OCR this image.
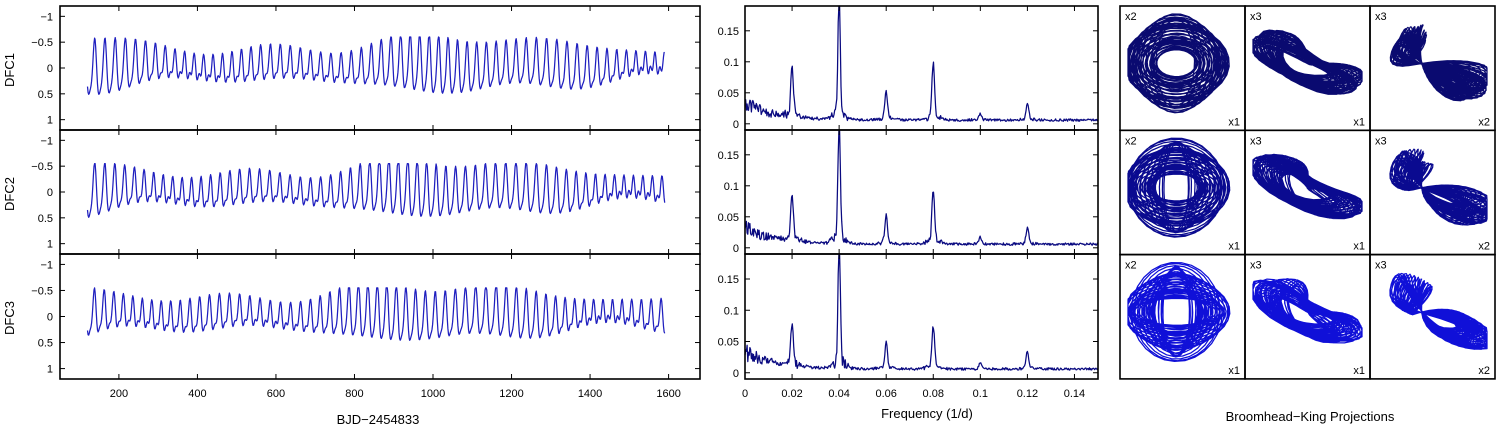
−1
−0.5
0
0.5
1
DFC1
−1
−0.5
0
0.5
1
DFC2
−1
−0.5
0
0.5
1
DFC3
200	400	600	800	1000	1200	1400	1600
BJD−2454833
0
0.05
0.1
0.15
0
0.05
0.1
0.15
0
0.05
0.1
0.15
0	0.02 0.04 0.06 0.08	0.1	0.12 0.14
Frequency (1/d)
x2
x1
x3
x1
x3
x2
x2
x1
x3
x1
x3
x2
x2
x1
x3
x1
x3
x2
Broomhead−King Projections
